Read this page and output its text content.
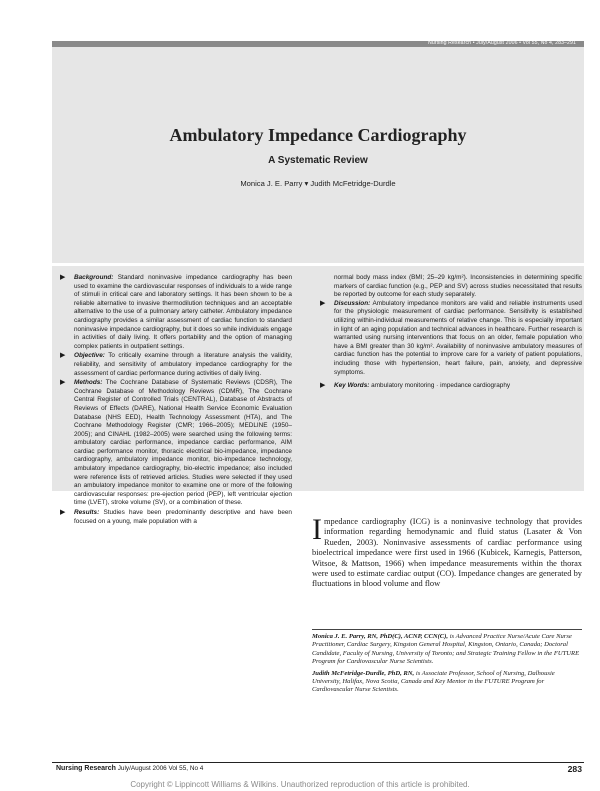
Nursing Research • July/August 2006 • Vol 55, No 4, 283–291
Ambulatory Impedance Cardiography
A Systematic Review
Monica J. E. Parry ▾ Judith McFetridge-Durdle
▶ Background: Standard noninvasive impedance cardiography has been used to examine the cardiovascular responses of individuals to a wide range of stimuli in critical care and laboratory settings. It has been shown to be a reliable alternative to invasive thermodilution techniques and an acceptable alternative to the use of a pulmonary artery catheter. Ambulatory impedance cardiography provides a similar assessment of cardiac function to standard noninvasive impedance cardiography, but it does so while individuals engage in activities of daily living. It offers portability and the option of managing complex patients in outpatient settings.
▶ Objective: To critically examine through a literature analysis the validity, reliability, and sensitivity of ambulatory impedance cardiography for the assessment of cardiac performance during activities of daily living.
▶ Methods: The Cochrane Database of Systematic Reviews (CDSR), The Cochrane Database of Methodology Reviews (CDMR), The Cochrane Central Register of Controlled Trials (CENTRAL), Database of Abstracts of Reviews of Effects (DARE), National Health Service Economic Evaluation Database (NHS EED), Health Technology Assessment (HTA), and The Cochrane Methodology Register (CMR; 1966–2005); MEDLINE (1950–2005); and CINAHL (1982–2005) were searched using the following terms: ambulatory cardiac performance, impedance cardiac performance, AIM cardiac performance monitor, thoracic electrical bio-impedance, impedance cardiography, ambulatory impedance monitor, bio-impedance technology, ambulatory impedance cardiography, bio-electric impedance; also included were reference lists of retrieved articles. Studies were selected if they used an ambulatory impedance monitor to examine one or more of the following cardiovascular responses: pre-ejection period (PEP), left ventricular ejection time (LVET), stroke volume (SV), or a combination of these.
▶ Results: Studies have been predominantly descriptive and have been focused on a young, male population with a
normal body mass index (BMI; 25–29 kg/m²). Inconsistencies in determining specific markers of cardiac function (e.g., PEP and SV) across studies necessitated that results be reported by outcome for each study separately.
▶ Discussion: Ambulatory impedance monitors are valid and reliable instruments used for the physiologic measurement of cardiac performance. Sensitivity is established utilizing within-individual measurements of relative change. This is especially important in light of an aging population and technical advances in healthcare. Further research is warranted using nursing interventions that focus on an older, female population who have a BMI greater than 30 kg/m². Availability of noninvasive ambulatory measures of cardiac function has the potential to improve care for a variety of patient populations, including those with hypertension, heart failure, pain, anxiety, and depressive symptoms.
▶ Key Words: ambulatory monitoring · impedance cardiography
Impedance cardiography (ICG) is a noninvasive technology that provides information regarding hemodynamic and fluid status (Lasater & Von Rueden, 2003). Noninvasive assessments of cardiac performance using bioelectrical impedance were first used in 1966 (Kubicek, Karnegis, Patterson, Witsoe, & Mattson, 1966) when impedance measurements within the thorax were used to estimate cardiac output (CO). Impedance changes are generated by fluctuations in blood volume and flow

Monica J. E. Parry, RN, PhD(C), ACNP, CCN(C), is Advanced Practice Nurse/Acute Care Nurse Practitioner, Cardiac Surgery, Kingston General Hospital, Kingston, Ontario, Canada; Doctoral Candidate, Faculty of Nursing, University of Toronto; and Strategic Training Fellow in the FUTURE Program for Cardiovascular Nurse Scientists.

Judith McFetridge-Durdle, PhD, RN, is Associate Professor, School of Nursing, Dalhousie University, Halifax, Nova Scotia, Canada and Key Mentor in the FUTURE Program for Cardiovascular Nurse Scientists.

Nursing Research July/August 2006 Vol 55, No 4	283
Copyright © Lippincott Williams & Wilkins. Unauthorized reproduction of this article is prohibited.
